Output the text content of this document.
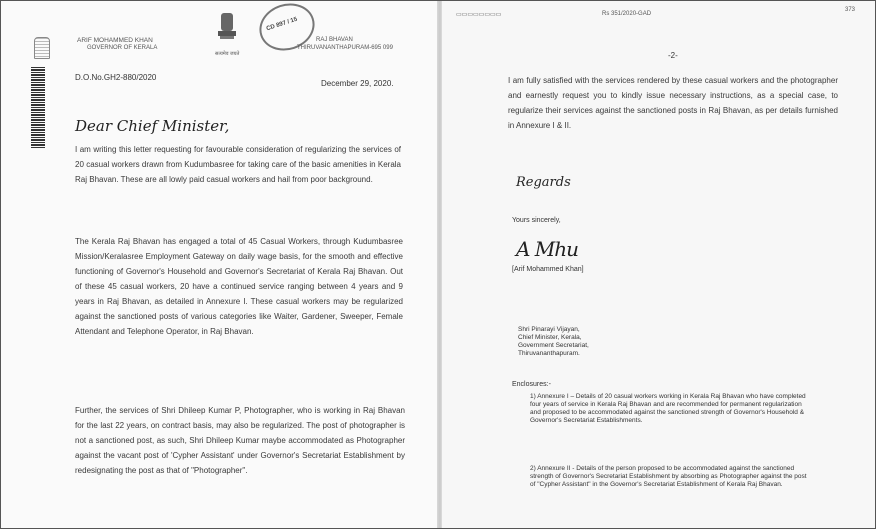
ARIF MOHAMMED KHAN
GOVERNOR OF KERALA
सत्यमेव जयते
CD 897 / 15
RAJ BHAVAN
THIRUVANANTHAPURAM-695 099
D.O.No.GH2-880/2020
December 29, 2020.
Dear Chief Minister,
I am writing this letter requesting for favourable consideration of regularizing the services of 20 casual workers drawn from Kudumbasree for taking care of the basic amenities in Kerala Raj Bhavan. These are all lowly paid casual workers and hail from poor background.
The Kerala Raj Bhavan has engaged a total of 45 Casual Workers, through Kudumbasree Mission/Keralasree Employment Gateway on daily wage basis, for the smooth and effective functioning of Governor's Household and Governor's Secretariat of Kerala Raj Bhavan. Out of these 45 casual workers, 20 have a continued service ranging between 4 years and 9 years in Raj Bhavan, as detailed in Annexure I. These casual workers may be regularized against the sanctioned posts of various categories like Waiter, Gardener, Sweeper, Female Attendant and Telephone Operator, in Raj Bhavan.
Further, the services of Shri Dhileep Kumar P, Photographer, who is working in Raj Bhavan for the last 22 years, on contract basis, may also be regularized. The post of photographer is not a sanctioned post, as such, Shri Dhileep Kumar maybe accommodated as Photographer against the vacant post of 'Cypher Assistant' under Governor's Secretariat Establishment by redesignating the post as that of "Photographer".
▭▭▭▭▭▭▭▭	Rs 351/2020-GAD
373
-2-
I am fully satisfied with the services rendered by these casual workers and the photographer and earnestly request you to kindly issue necessary instructions, as a special case, to regularize their services against the sanctioned posts in Raj Bhavan, as per details furnished in Annexure I & II.
Regards
Yours sincerely,
A Mhu
[Arif Mohammed Khan]
Shri Pinarayi Vijayan,
Chief Minister, Kerala,
Government Secretariat,
Thiruvananthapuram.
Enclosures:-
1) Annexure I – Details of 20 casual workers working in Kerala Raj Bhavan who have completed four years of service in Kerala Raj Bhavan and are recommended for permanent regularization and proposed to be accommodated against the sanctioned strength of Governor's Household & Governor's Secretariat Establishments.
2) Annexure II - Details of the person proposed to be accommodated against the sanctioned strength of Governor's Secretariat Establishment by absorbing as Photographer against the post of "Cypher Assistant" in the Governor's Secretariat Establishment of Kerala Raj Bhavan.
